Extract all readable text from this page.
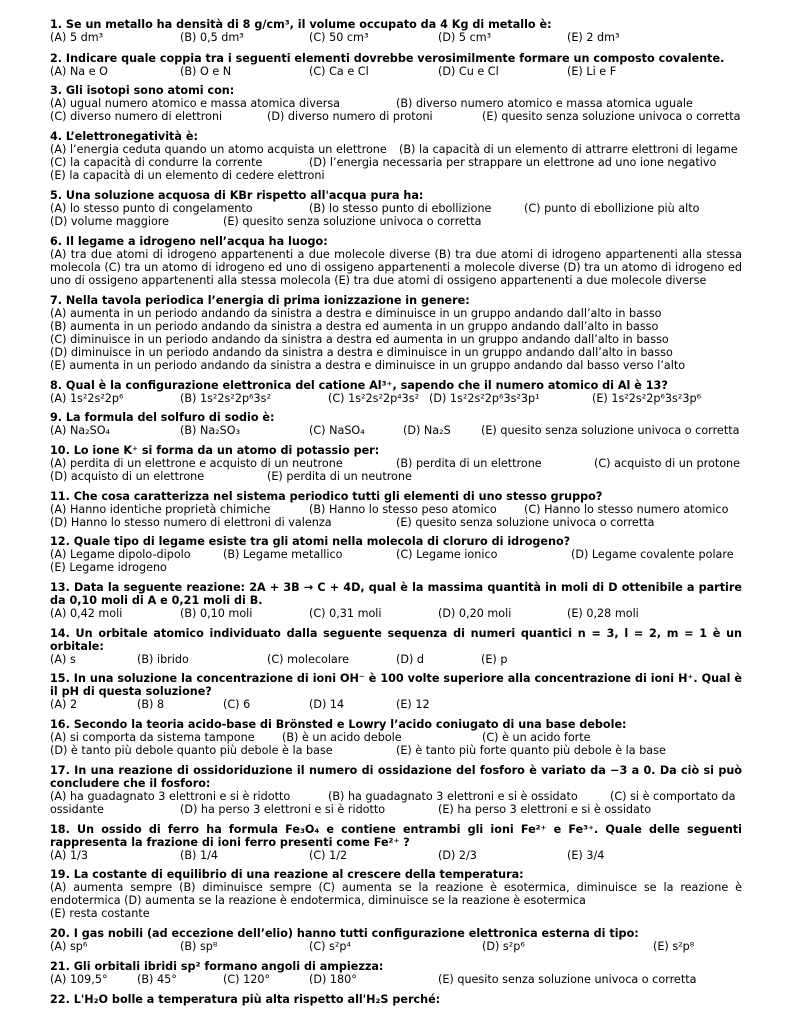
1. Se un metallo ha densità di 8 g/cm³, il volume occupato da 4 Kg di metallo è:
(A) 5 dm³	(B) 0,5 dm³	(C) 50 cm³	(D) 5 cm³	(E) 2 dm³
2. Indicare quale coppia tra i seguenti elementi dovrebbe verosimilmente formare un composto covalente.
(A) Na e O	(B) O e N	(C) Ca e Cl	(D) Cu e Cl	(E) Li e F
3. Gli isotopi sono atomi con:
(A) ugual numero atomico e massa atomica diversa	(B) diverso numero atomico e massa atomica uguale
(C) diverso numero di elettroni	(D) diverso numero di protoni	(E) quesito senza soluzione univoca o corretta
4. L’elettronegatività è:
(A) l’energia ceduta quando un atomo acquista un elettrone (B) la capacità di un elemento di attrarre elettroni di legame
(C) la capacità di condurre la corrente	(D) l’energia necessaria per strappare un elettrone ad uno ione negativo
(E) la capacità di un elemento di cedere elettroni
5. Una soluzione acquosa di KBr rispetto all'acqua pura ha:
(A) lo stesso punto di congelamento	(B) lo stesso punto di ebollizione	(C) punto di ebollizione più alto
(D) volume maggiore	(E) quesito senza soluzione univoca o corretta
6. Il legame a idrogeno nell’acqua ha luogo:
(A) tra due atomi di idrogeno appartenenti a due molecole diverse (B) tra due atomi di idrogeno appartenenti alla stessa molecola (C) tra un atomo di idrogeno ed uno di ossigeno appartenenti a molecole diverse (D) tra un atomo di idrogeno ed uno di ossigeno appartenenti alla stessa molecola (E) tra due atomi di ossigeno appartenenti a due molecole diverse
7. Nella tavola periodica l’energia di prima ionizzazione in genere:
(A) aumenta in un periodo andando da sinistra a destra e diminuisce in un gruppo andando dall’alto in basso
(B) aumenta in un periodo andando da sinistra a destra ed aumenta in un gruppo andando dall’alto in basso
(C) diminuisce in un periodo andando da sinistra a destra ed aumenta in un gruppo andando dall’alto in basso
(D) diminuisce in un periodo andando da sinistra a destra e diminuisce in un gruppo andando dall’alto in basso
(E) aumenta in un periodo andando da sinistra a destra e diminuisce in un gruppo andando dal basso verso l’alto
8. Qual è la configurazione elettronica del catione Al³⁺, sapendo che il numero atomico di Al è 13?
(A) 1s²2s²2p⁶	(B) 1s²2s²2p⁶3s²	(C) 1s²2s²2p⁴3s² (D) 1s²2s²2p⁶3s²3p¹	(E) 1s²2s²2p⁶3s²3p⁶
9. La formula del solfuro di sodio è:
(A) Na₂SO₄	(B) Na₂SO₃	(C) NaSO₄	(D) Na₂S	(E) quesito senza soluzione univoca o corretta
10. Lo ione K⁺ si forma da un atomo di potassio per:
(A) perdita di un elettrone e acquisto di un neutrone	(B) perdita di un elettrone	(C) acquisto di un protone
(D) acquisto di un elettrone	(E) perdita di un neutrone
11. Che cosa caratterizza nel sistema periodico tutti gli elementi di uno stesso gruppo?
(A) Hanno identiche proprietà chimiche	(B) Hanno lo stesso peso atomico (C) Hanno lo stesso numero atomico
(D) Hanno lo stesso numero di elettroni di valenza	(E) quesito senza soluzione univoca o corretta
12. Quale tipo di legame esiste tra gli atomi nella molecola di cloruro di idrogeno?
(A) Legame dipolo-dipolo	(B) Legame metallico	(C) Legame ionico	(D) Legame covalente polare
(E) Legame idrogeno
13. Data la seguente reazione: 2A + 3B → C + 4D, qual è la massima quantità in moli di D ottenibile a partire da 0,10 moli di A e 0,21 moli di B.
(A) 0,42 moli	(B) 0,10 moli	(C) 0,31 moli	(D) 0,20 moli	(E) 0,28 moli
14. Un orbitale atomico individuato dalla seguente sequenza di numeri quantici n = 3, l = 2, m = 1 è un orbitale:
(A) s	(B) ibrido	(C) molecolare	(D) d	(E) p
15. In una soluzione la concentrazione di ioni OH⁻ è 100 volte superiore alla concentrazione di ioni H⁺. Qual è il pH di questa soluzione?
(A) 2	(B) 8	(C) 6	(D) 14	(E) 12
16. Secondo la teoria acido-base di Brönsted e Lowry l’acido coniugato di una base debole:
(A) si comporta da sistema tampone (B) è un acido debole	(C) è un acido forte
(D) è tanto più debole quanto più debole è la base	(E) è tanto più forte quanto più debole è la base
17. In una reazione di ossidoriduzione il numero di ossidazione del fosforo è variato da −3 a 0. Da ciò si può concludere che il fosforo:
(A) ha guadagnato 3 elettroni e si è ridotto	(B) ha guadagnato 3 elettroni e si è ossidato	(C) si è comportato da
ossidante	(D) ha perso 3 elettroni e si è ridotto	(E) ha perso 3 elettroni e si è ossidato
18. Un ossido di ferro ha formula Fe₃O₄ e contiene entrambi gli ioni Fe²⁺ e Fe³⁺. Quale delle seguenti rappresenta la frazione di ioni ferro presenti come Fe²⁺ ?
(A) 1/3	(B) 1/4	(C) 1/2	(D) 2/3	(E) 3/4
19. La costante di equilibrio di una reazione al crescere della temperatura:
(A) aumenta sempre (B) diminuisce sempre (C) aumenta se la reazione è esotermica, diminuisce se la reazione è endotermica (D) aumenta se la reazione è endotermica, diminuisce se la reazione è esotermica
(E) resta costante
20. I gas nobili (ad eccezione dell’elio) hanno tutti configurazione elettronica esterna di tipo:
(A) sp⁶	(B) sp⁸	(C) s²p⁴	(D) s²p⁶	(E) s²p⁸
21. Gli orbitali ibridi sp² formano angoli di ampiezza:
(A) 109,5°	(B) 45°	(C) 120°	(D) 180°	(E) quesito senza soluzione univoca o corretta
22. L'H₂O bolle a temperatura più alta rispetto all'H₂S perché:
